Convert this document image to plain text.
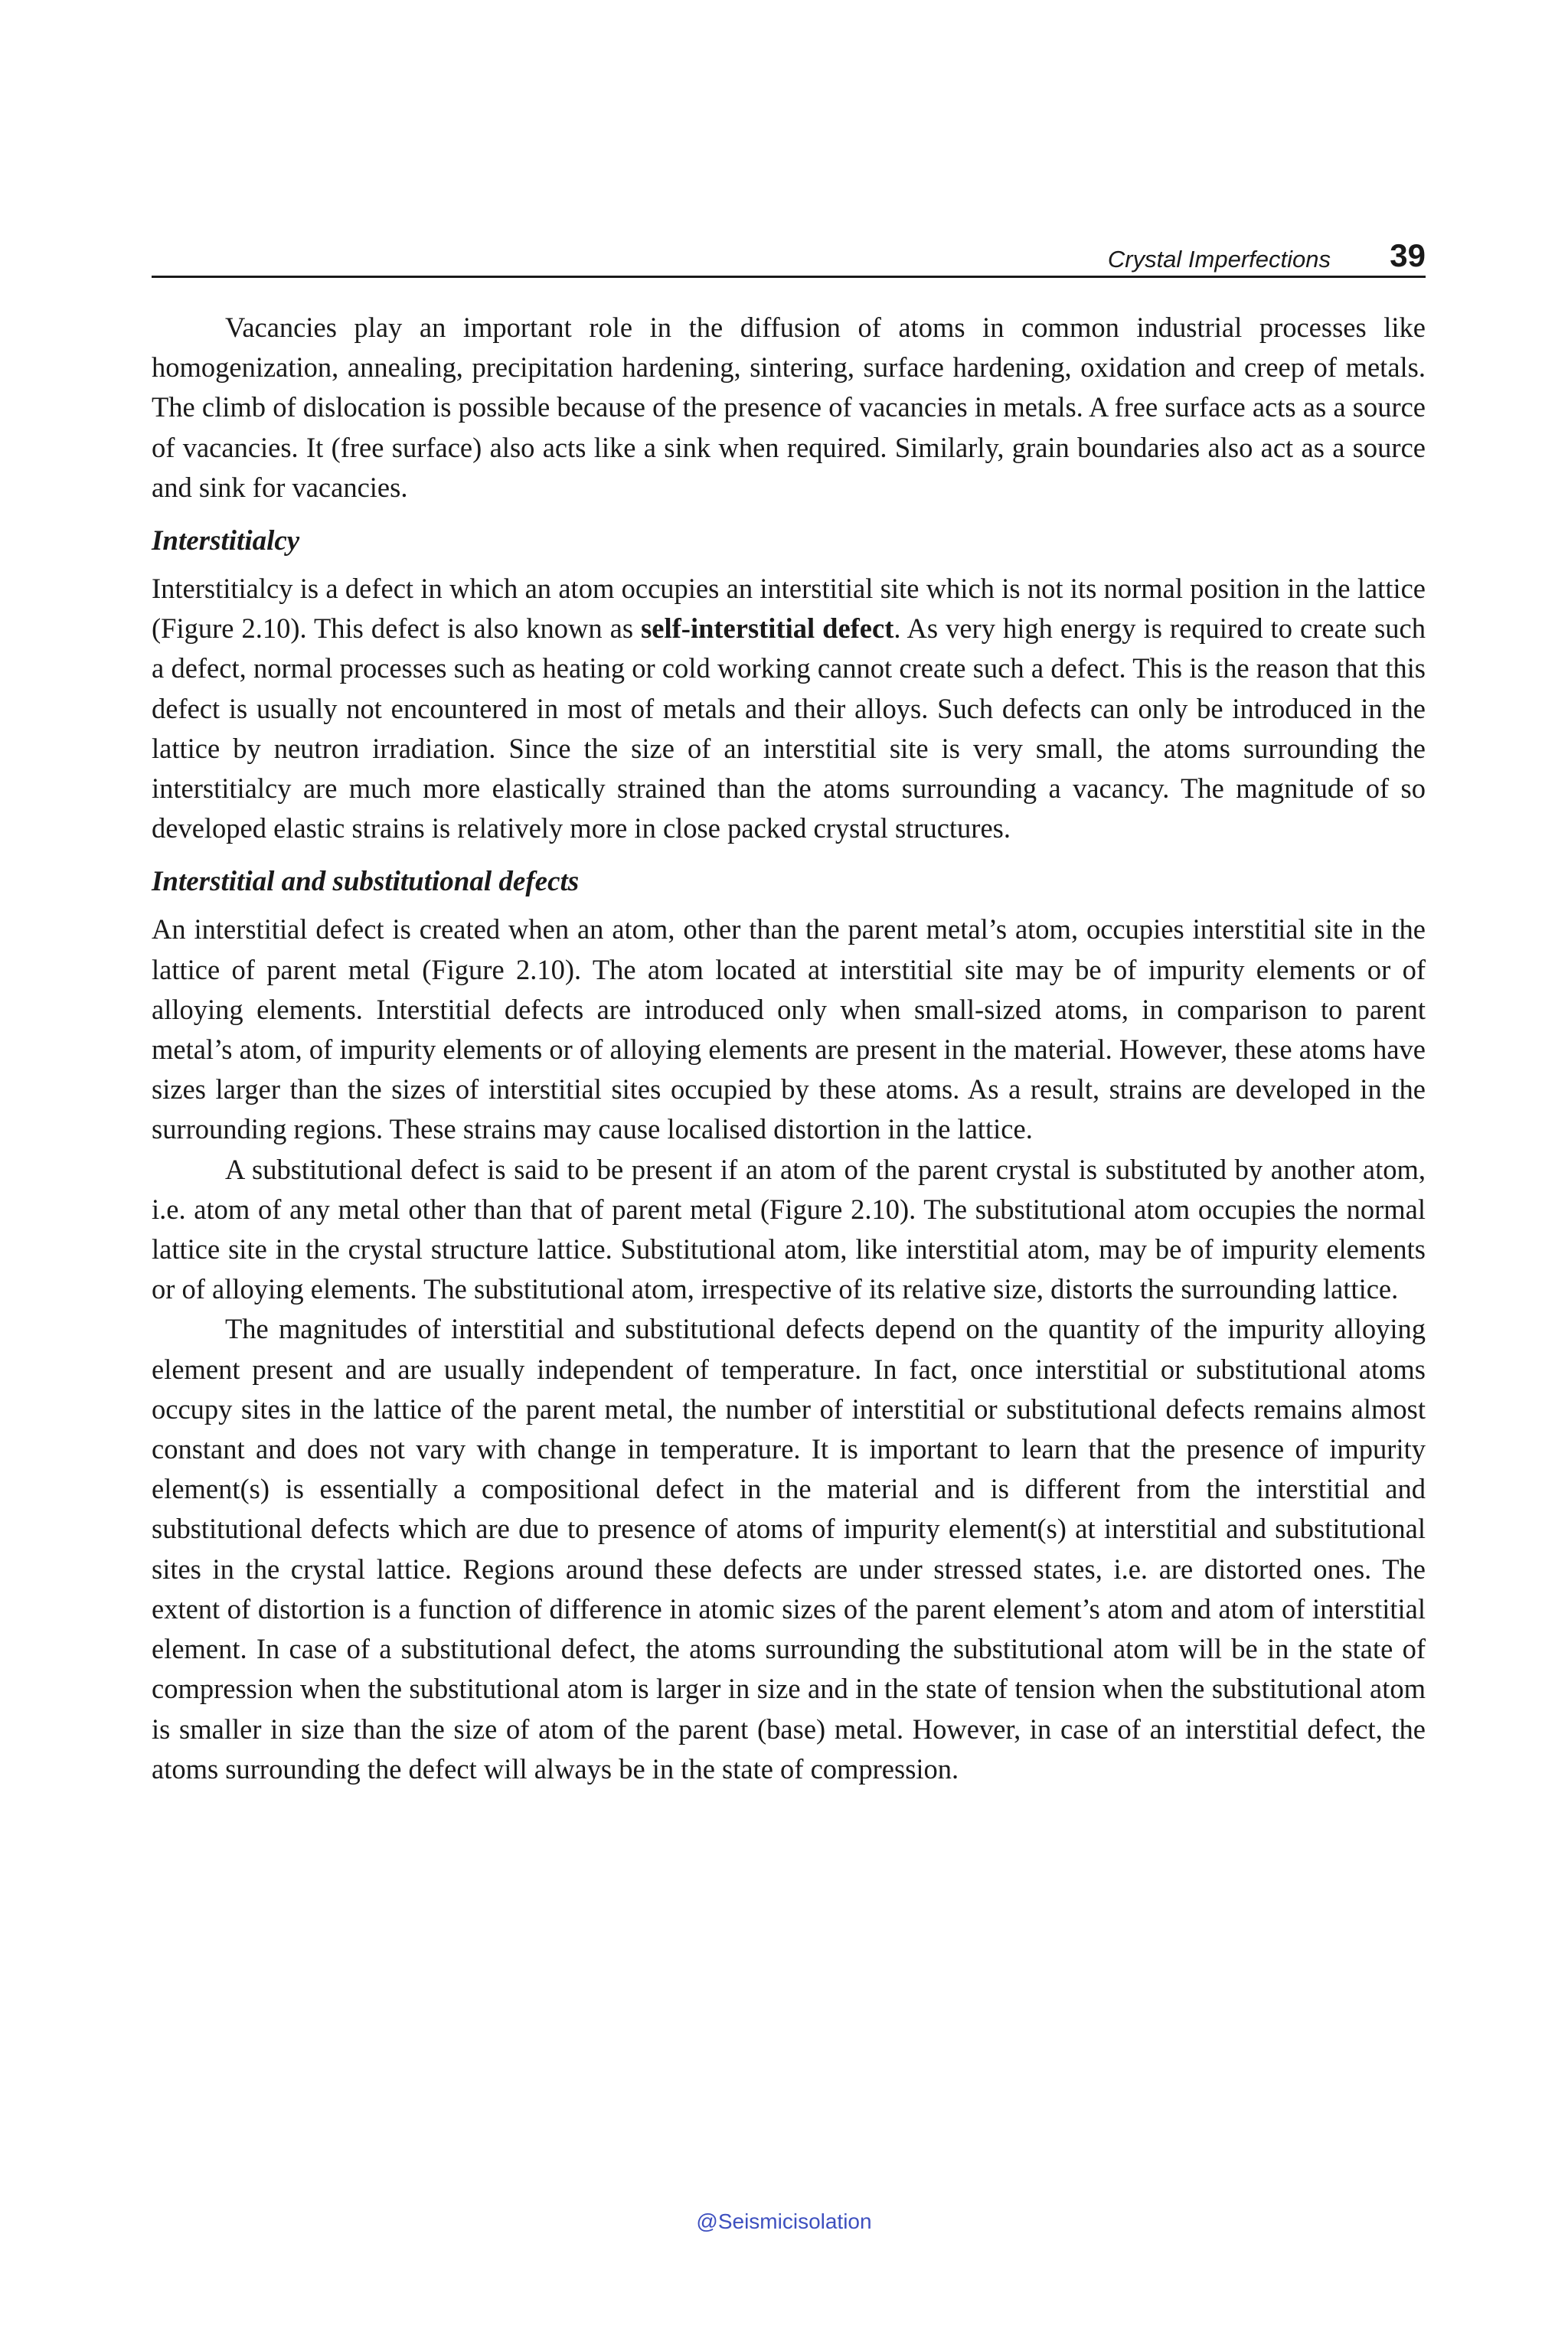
Crystal Imperfections 39

Vacancies play an important role in the diffusion of atoms in common industrial processes like homogenization, annealing, precipitation hardening, sintering, surface hardening, oxidation and creep of metals. The climb of dislocation is possible because of the presence of vacancies in metals. A free surface acts as a source of vacancies. It (free surface) also acts like a sink when required. Similarly, grain boundaries also act as a source and sink for vacancies.

Interstitialcy

Interstitialcy is a defect in which an atom occupies an interstitial site which is not its normal position in the lattice (Figure 2.10). This defect is also known as self-interstitial defect. As very high energy is required to create such a defect, normal processes such as heating or cold working cannot create such a defect. This is the reason that this defect is usually not encountered in most of metals and their alloys. Such defects can only be introduced in the lattice by neutron irradiation. Since the size of an interstitial site is very small, the atoms surrounding the interstitialcy are much more elastically strained than the atoms surrounding a vacancy. The magnitude of so developed elastic strains is relatively more in close packed crystal structures.

Interstitial and substitutional defects

An interstitial defect is created when an atom, other than the parent metal’s atom, occupies interstitial site in the lattice of parent metal (Figure 2.10). The atom located at interstitial site may be of impurity elements or of alloying elements. Interstitial defects are introduced only when small-sized atoms, in comparison to parent metal’s atom, of impurity elements or of alloying elements are present in the material. However, these atoms have sizes larger than the sizes of interstitial sites occupied by these atoms. As a result, strains are developed in the surrounding regions. These strains may cause localised distortion in the lattice.

A substitutional defect is said to be present if an atom of the parent crystal is substituted by another atom, i.e. atom of any metal other than that of parent metal (Figure 2.10). The substitutional atom occupies the normal lattice site in the crystal structure lattice. Substitutional atom, like interstitial atom, may be of impurity elements or of alloying elements. The substitutional atom, irrespective of its relative size, distorts the surrounding lattice.

The magnitudes of interstitial and substitutional defects depend on the quantity of the impurity alloying element present and are usually independent of temperature. In fact, once interstitial or substitutional atoms occupy sites in the lattice of the parent metal, the number of interstitial or substitutional defects remains almost constant and does not vary with change in temperature. It is important to learn that the presence of impurity element(s) is essentially a compositional defect in the material and is different from the interstitial and substitutional defects which are due to presence of atoms of impurity element(s) at interstitial and substitutional sites in the crystal lattice. Regions around these defects are under stressed states, i.e. are distorted ones. The extent of distortion is a function of difference in atomic sizes of the parent element’s atom and atom of interstitial element. In case of a substitutional defect, the atoms surrounding the substitutional atom will be in the state of compression when the substitutional atom is larger in size and in the state of tension when the substitutional atom is smaller in size than the size of atom of the parent (base) metal. However, in case of an interstitial defect, the atoms surrounding the defect will always be in the state of compression.

@Seismicisolation
